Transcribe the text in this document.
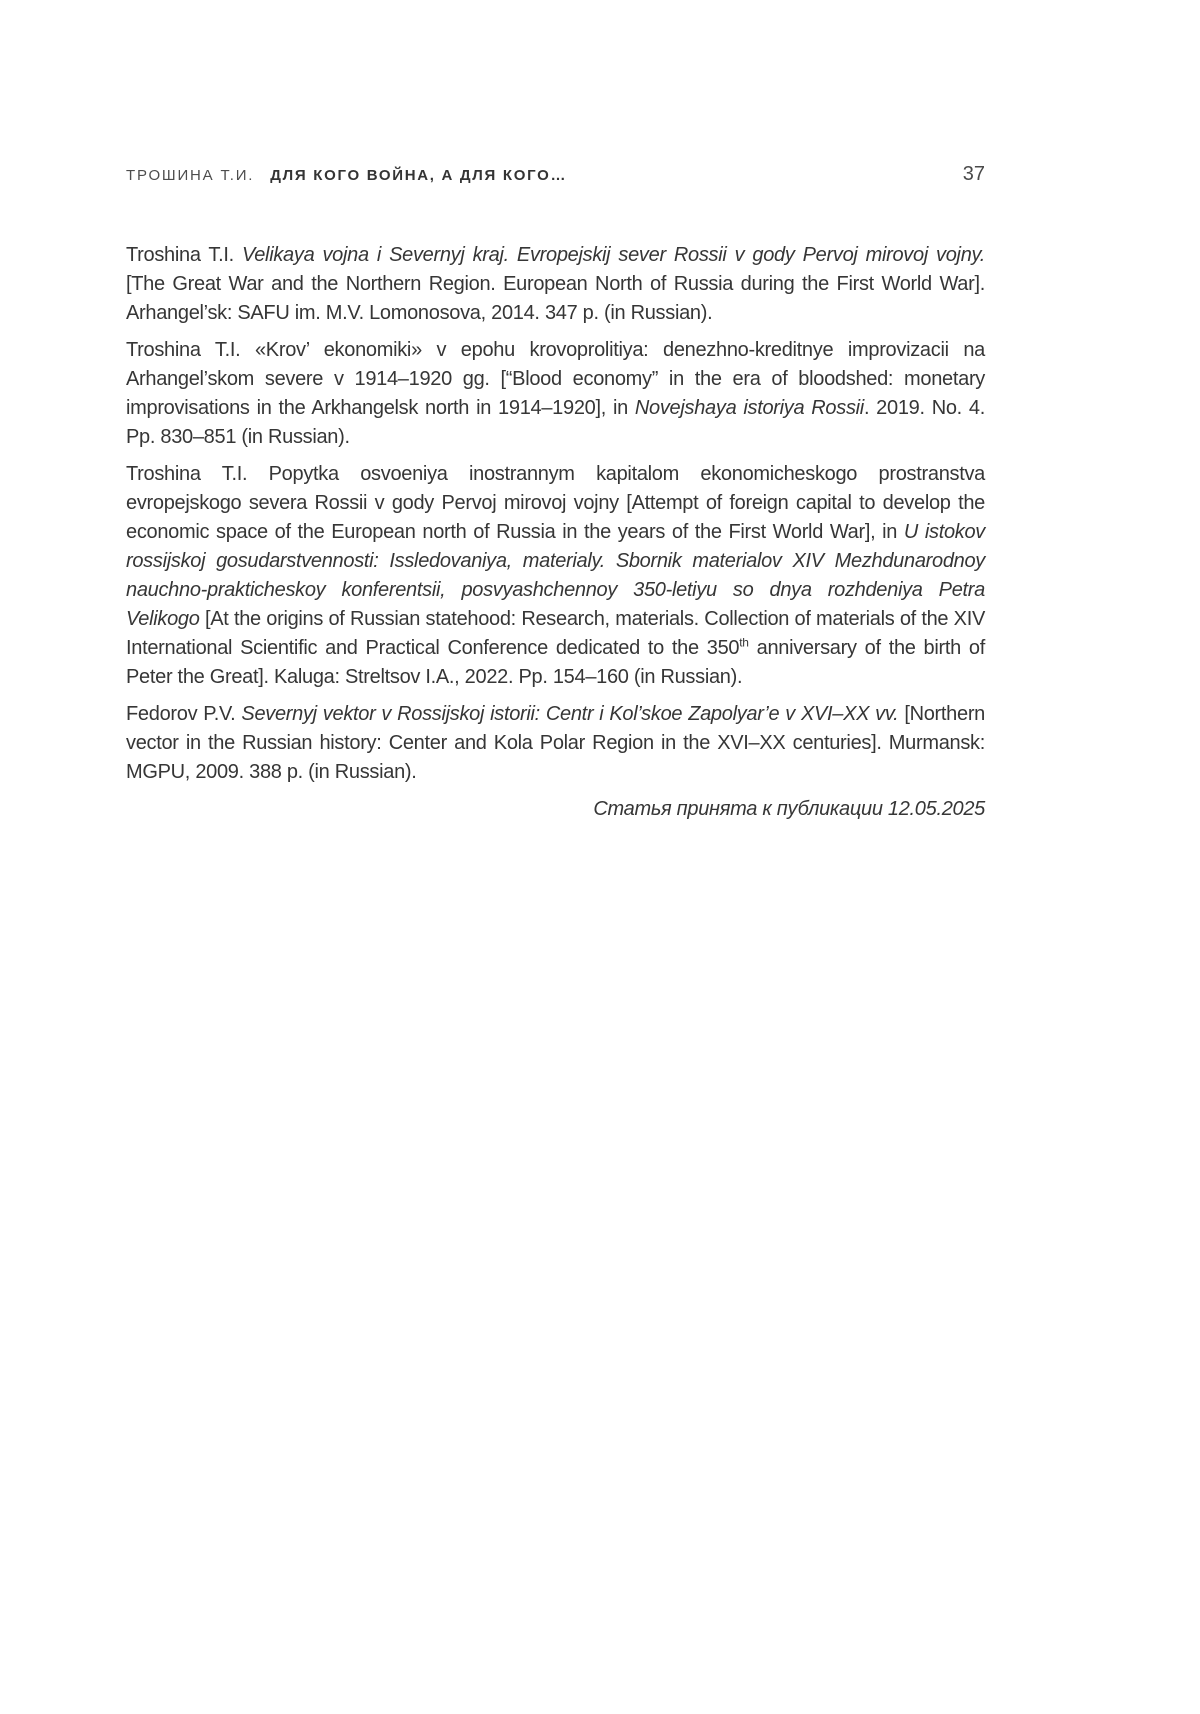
ТРОШИНА Т.И. ДЛЯ КОГО ВОЙНА, А ДЛЯ КОГО…	37

Troshina T.I. Velikaya vojna i Severnyj kraj. Evropejskij sever Rossii v gody Pervoj mirovoj vojny. [The Great War and the Northern Region. European North of Russia during the First World War]. Arhangel’sk: SAFU im. M.V. Lomonosova, 2014. 347 p. (in Russian).

Troshina T.I. «Krov’ ekonomiki» v epohu krovoprolitiya: denezhno-kreditnye improvizacii na Arhangel’skom severe v 1914–1920 gg. [“Blood economy” in the era of bloodshed: monetary improvisations in the Arkhangelsk north in 1914–1920], in Novejshaya istoriya Rossii. 2019. No. 4. Pp. 830–851 (in Russian).

Troshina T.I. Popytka osvoeniya inostrannym kapitalom ekonomicheskogo prostranstva evropejskogo severa Rossii v gody Pervoj mirovoj vojny [Attempt of foreign capital to develop the economic space of the European north of Russia in the years of the First World War], in U istokov rossijskoj gosudarstvennosti: Issledovaniya, materialy. Sbornik materialov XIV Mezhdunarodnoy nauchno-prakticheskoy konferentsii, posvyashchennoy 350-letiyu so dnya rozhdeniya Petra Velikogo [At the origins of Russian statehood: Research, materials. Collection of materials of the XIV International Scientific and Practical Conference dedicated to the 350th anniversary of the birth of Peter the Great]. Kaluga: Streltsov I.A., 2022. Pp. 154–160 (in Russian).

Fedorov P.V. Severnyj vektor v Rossijskoj istorii: Centr i Kol’skoe Zapolyar’e v XVI–XX vv. [Northern vector in the Russian history: Center and Kola Polar Region in the XVI–XX centuries]. Murmansk: MGPU, 2009. 388 p. (in Russian).

Статья принята к публикации 12.05.2025
